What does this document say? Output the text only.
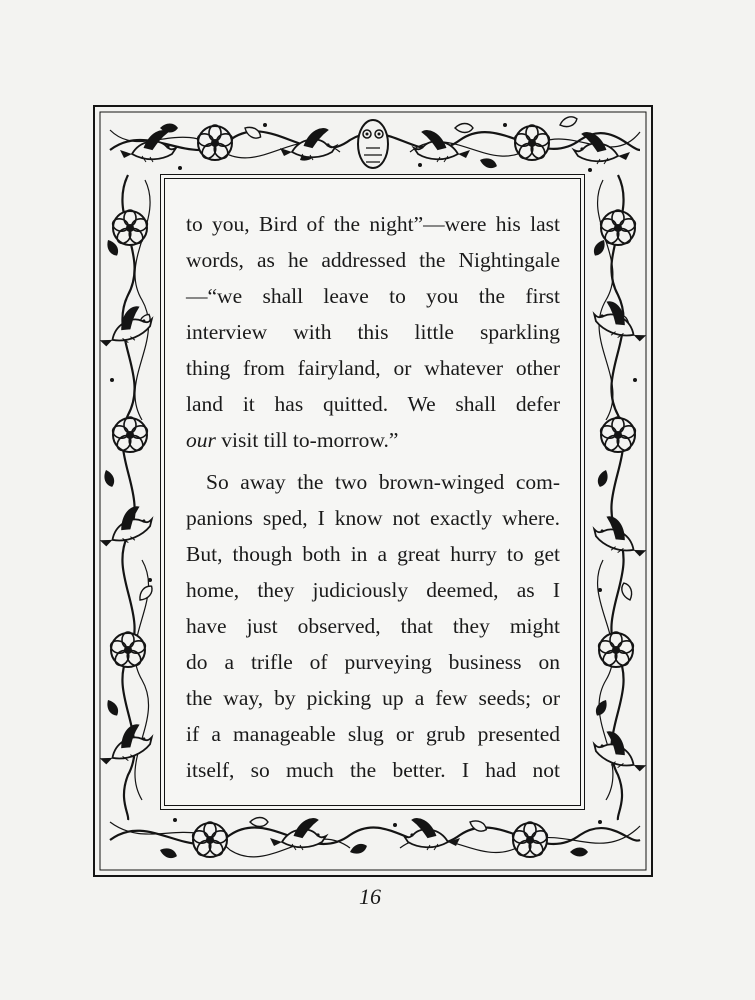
to you, Bird of the night”—were his last
words, as he addressed the Nightingale
—“we shall leave to you the first
interview with this little sparkling
thing from fairyland, or whatever other
land it has quitted. We shall defer
our visit till to-morrow.”
So away the two brown-winged com-
panions sped, I know not exactly where.
But, though both in a great hurry to get
home, they judiciously deemed, as I
have just observed, that they might
do a trifle of purveying business on
the way, by picking up a few seeds; or
if a manageable slug or grub presented
itself, so much the better. I had not
16
